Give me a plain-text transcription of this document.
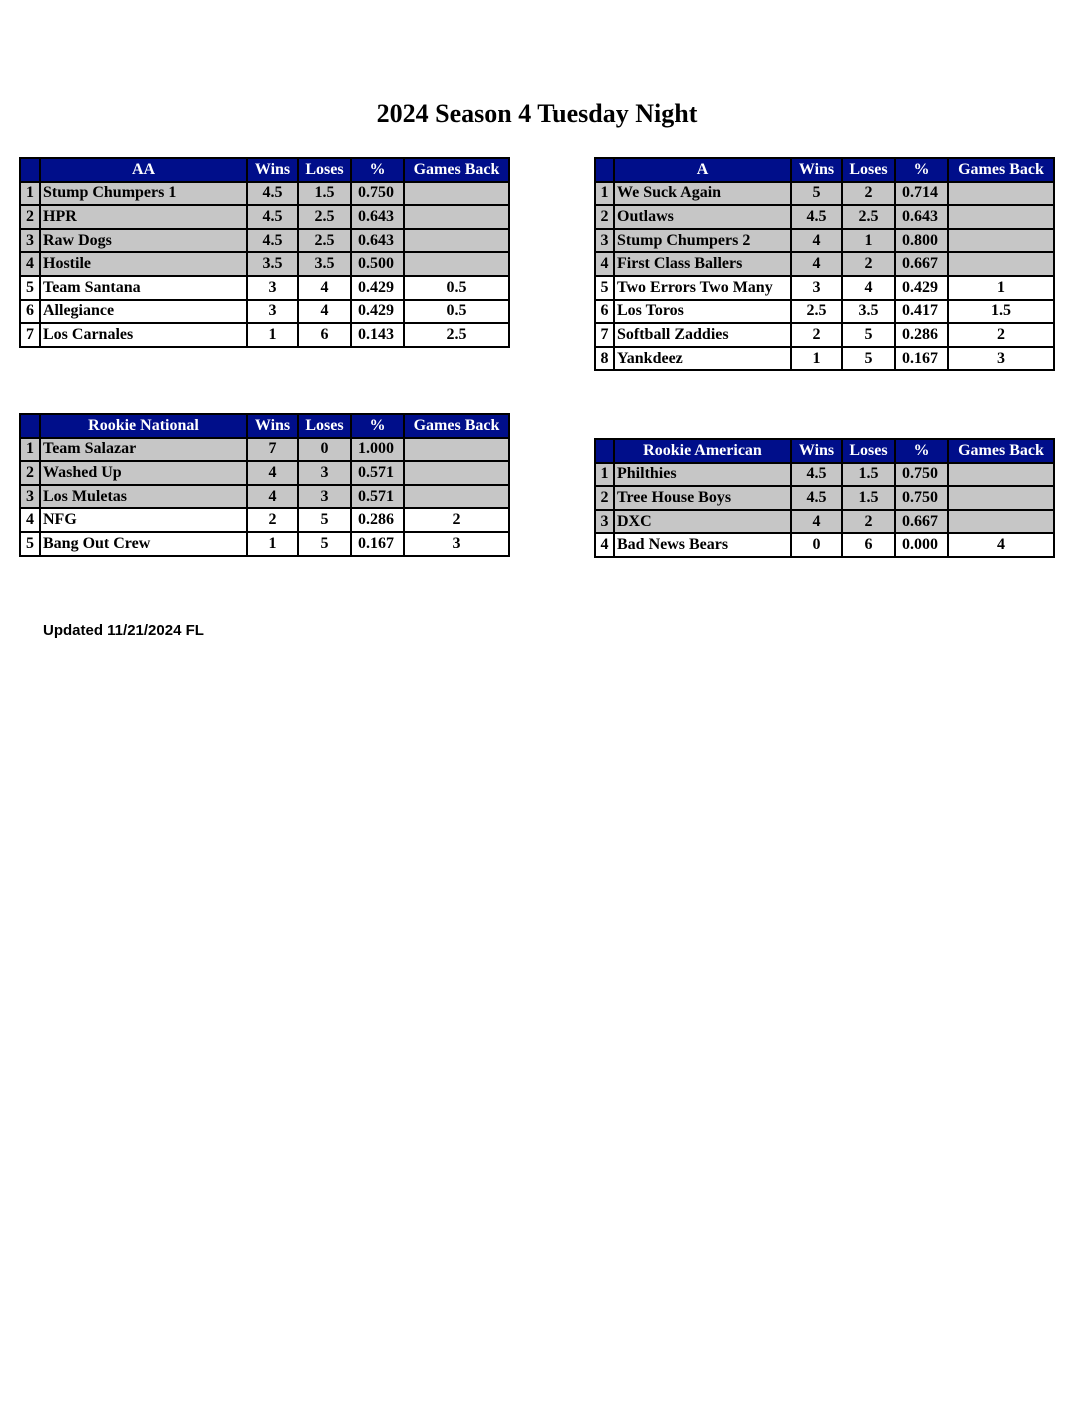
2024 Season 4 Tuesday Night
	AA	Wins	Loses	%	Games Back
1	Stump Chumpers 1	4.5	1.5	0.750	
2	HPR	4.5	2.5	0.643	
3	Raw Dogs	4.5	2.5	0.643	
4	Hostile	3.5	3.5	0.500	
5	Team Santana	3	4	0.429	0.5
6	Allegiance	3	4	0.429	0.5
7	Los Carnales	1	6	0.143	2.5
	A	Wins	Loses	%	Games Back
1	We Suck Again	5	2	0.714	
2	Outlaws	4.5	2.5	0.643	
3	Stump Chumpers 2	4	1	0.800	
4	First Class Ballers	4	2	0.667	
5	Two Errors Two Many	3	4	0.429	1
6	Los Toros	2.5	3.5	0.417	1.5
7	Softball Zaddies	2	5	0.286	2
8	Yankdeez	1	5	0.167	3
	Rookie National	Wins	Loses	%	Games Back
1	Team Salazar	7	0	1.000	
2	Washed Up	4	3	0.571	
3	Los Muletas	4	3	0.571	
4	NFG	2	5	0.286	2
5	Bang Out Crew	1	5	0.167	3
	Rookie American	Wins	Loses	%	Games Back
1	Philthies	4.5	1.5	0.750	
2	Tree House Boys	4.5	1.5	0.750	
3	DXC	4	2	0.667	
4	Bad News Bears	0	6	0.000	4
Updated 11/21/2024 FL
